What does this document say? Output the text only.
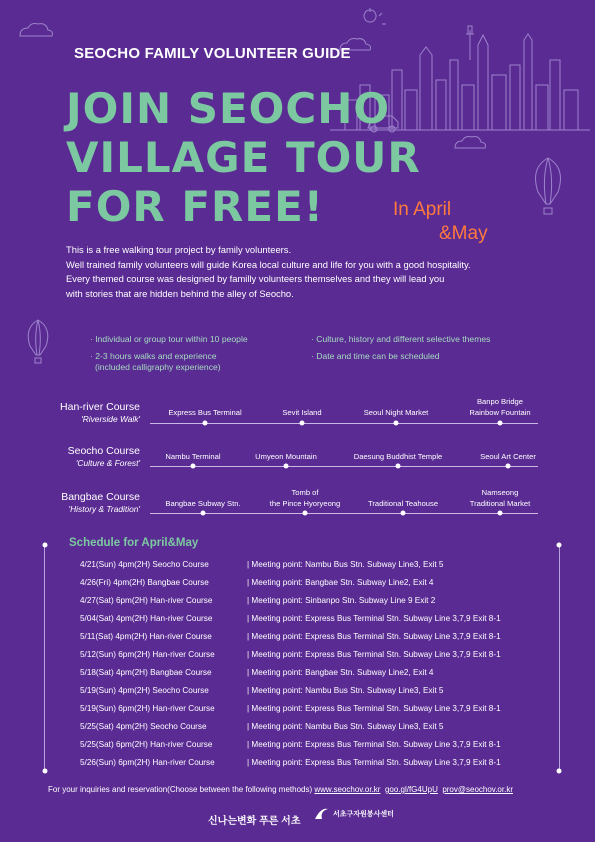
SEOCHO FAMILY VOLUNTEER GUIDE
JOIN SEOCHO
VILLAGE TOUR
FOR FREE!	In April
&May
This is a free walking tour project by family volunteers.
Well trained family volunteers will guide Korea local culture and life for you with a good hospitality.
Every themed course was designed by familly volunteers themselves and they will lead you
with stories that are hidden behind the alley of Seocho.
· Individual or group tour within 10 people
· 2-3 hours walks and experience
(included calligraphy experience)
· Culture, history and different selective themes
· Date and time can be scheduled
Han-river Course
'Riverside Walk'
Express Bus Terminal	Sevit Island	Seoul Night Market
Banpo Bridge
Rainbow Fountain
Seocho Course
'Culture & Forest'
Nambu Terminal	Umyeon Mountain	Daesung Buddhist Temple	Seoul Art Center
Bangbae Course
'History & Tradition'
Bangbae Subway Stn.
Tomb of
the Pince Hyoryeong	Traditional Teahouse
Namseong
Traditional Market
Schedule for April&May
4/21(Sun) 4pm(2H) Seocho Course	| Meeting point: Nambu Bus Stn. Subway Line3, Exit 5
4/26(Fri) 4pm(2H) Bangbae Course	| Meeting point: Bangbae Stn. Subway Line2, Exit 4
4/27(Sat) 6pm(2H) Han-river Course	| Meeting point: Sinbanpo Stn. Subway Line 9 Exit 2
5/04(Sat) 4pm(2H) Han-river Course	| Meeting point: Express Bus Terminal Stn. Subway Line 3,7,9 Exit 8-1
5/11(Sat) 4pm(2H) Han-river Course	| Meeting point: Express Bus Terminal Stn. Subway Line 3,7,9 Exit 8-1
5/12(Sun) 6pm(2H) Han-river Course	| Meeting point: Express Bus Terminal Stn. Subway Line 3,7,9 Exit 8-1
5/18(Sat) 4pm(2H) Bangbae Course	| Meeting point: Bangbae Stn. Subway Line2, Exit 4
5/19(Sun) 4pm(2H) Seocho Course	| Meeting point: Nambu Bus Stn. Subway Line3, Exit 5
5/19(Sun) 6pm(2H) Han-river Course	| Meeting point: Express Bus Terminal Stn. Subway Line 3,7,9 Exit 8-1
5/25(Sat) 4pm(2H) Seocho Course	| Meeting point: Nambu Bus Stn. Subway Line3, Exit 5
5/25(Sat) 6pm(2H) Han-river Course	| Meeting point: Express Bus Terminal Stn. Subway Line 3,7,9 Exit 8-1
5/26(Sun) 6pm(2H) Han-river Course	| Meeting point: Express Bus Terminal Stn. Subway Line 3,7,9 Exit 8-1
For your inquiries and reservation(Choose between the following methods) www.seochov.or.kr goo.gl/fG4UpU prov@seochov.or.kr
신나는변화 푸른 서초
서초구자원봉사센터
